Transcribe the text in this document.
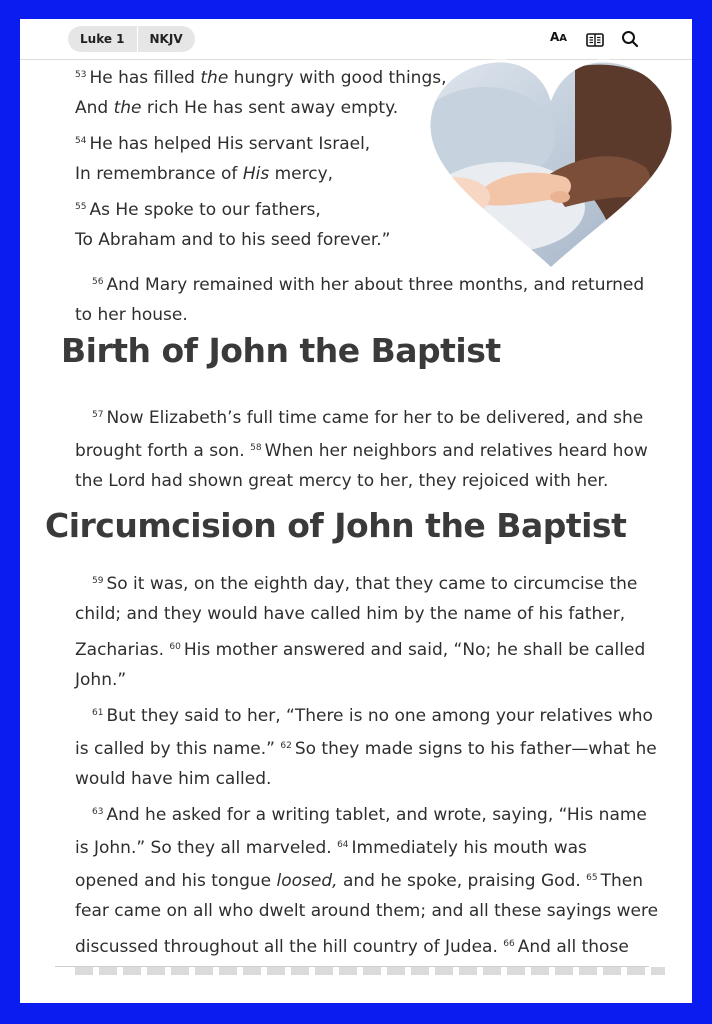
Luke 1	NKJV	AA
$^{53}$ He has filled the hungry with good things,
And the rich He has sent away empty.
$^{54}$ He has helped His servant Israel,
In remembrance of His mercy,
$^{55}$ As He spoke to our fathers,
To Abraham and to his seed forever.”
$^{56}$ And Mary remained with her about three months, and returned
to her house.
Birth of John the Baptist
$^{57}$ Now Elizabeth’s full time came for her to be delivered, and she
brought forth a son. $^{58}$ When her neighbors and relatives heard how
the Lord had shown great mercy to her, they rejoiced with her.
Circumcision of John the Baptist
$^{59}$ So it was, on the eighth day, that they came to circumcise the
child; and they would have called him by the name of his father,
Zacharias. $^{60}$ His mother answered and said, “No; he shall be called
John.”
$^{61}$ But they said to her, “There is no one among your relatives who
is called by this name.” $^{62}$ So they made signs to his father—what he
would have him called.
$^{63}$ And he asked for a writing tablet, and wrote, saying, “His name
is John.” So they all marveled. $^{64}$ Immediately his mouth was
opened and his tongue loosed, and he spoke, praising God. $^{65}$ Then
fear came on all who dwelt around them; and all these sayings were
discussed throughout all the hill country of Judea. $^{66}$ And all those
